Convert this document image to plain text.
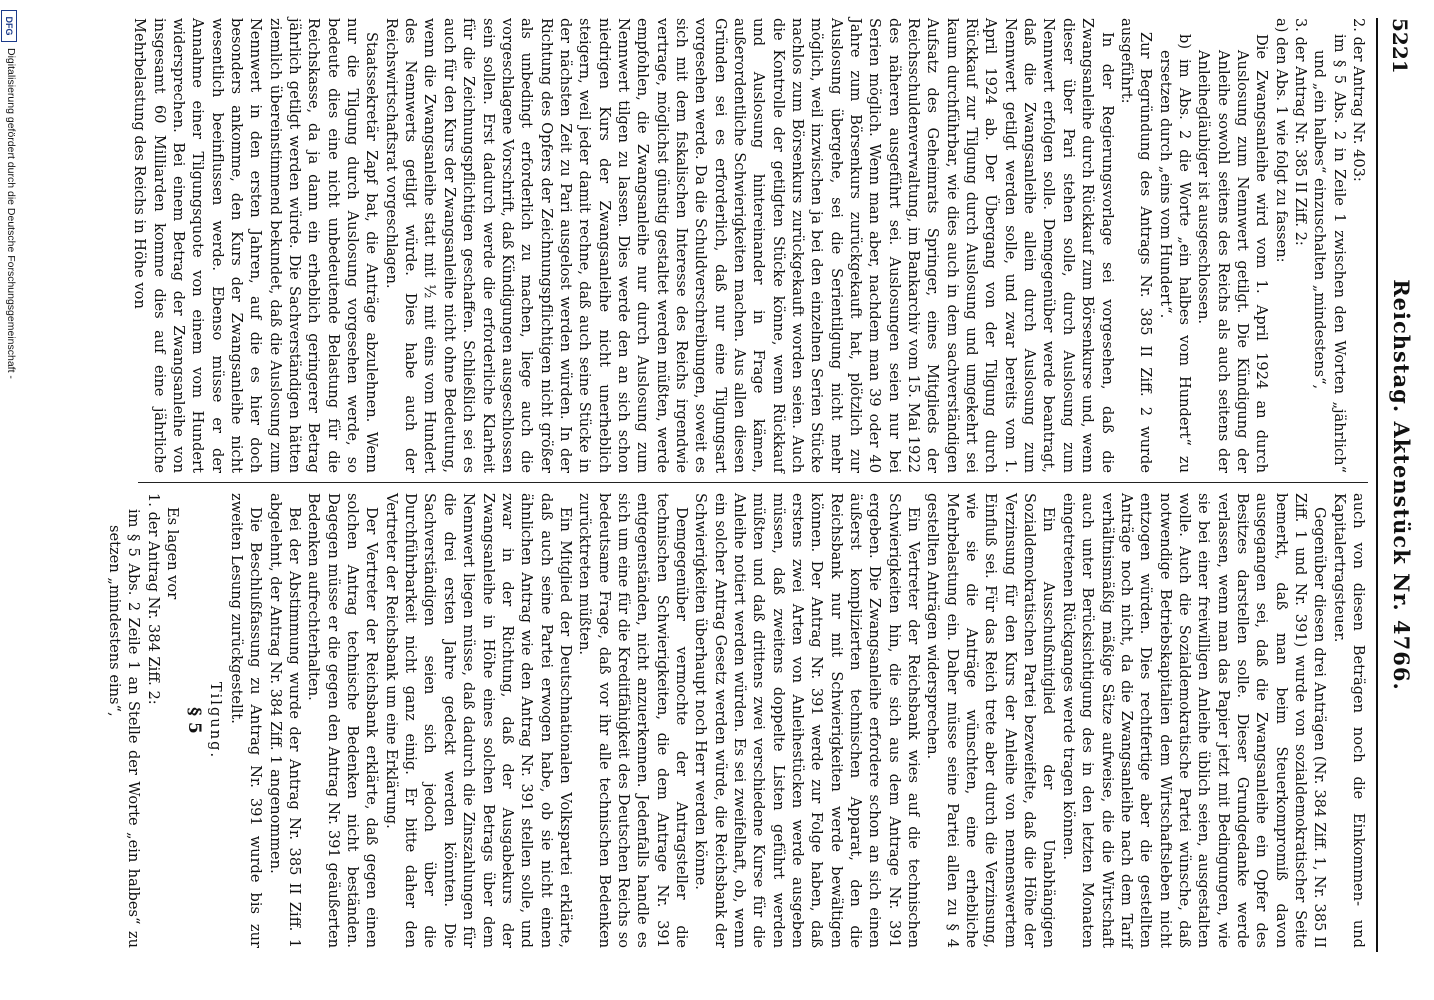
5221
Reichstag. Aktenstück Nr. 4766.

2. der Antrag Nr. 403:

im § 5 Abs. 2 in Zeile 1 zwischen den Worten „jährlich“ und „ein halbes“ einzuschalten „mindestens“,

3. der Antrag Nr. 385 II Ziff. 2:

a) den Abs. 1 wie folgt zu fassen:

Die Zwangsanleihe wird vom 1. April 1924 an durch Auslosung zum Nennwert getilgt. Die Kündigung der Anleihe sowohl seitens des Reichs als auch seitens der Anleihegläubiger ist ausgeschlossen.

b) im Abs. 2 die Worte „ein halbes vom Hundert“ zu ersetzen durch „eins vom Hundert“.

Zur Begründung des Antrags Nr. 385 II Ziff. 2 wurde ausgeführt:

In der Regierungsvorlage sei vorgesehen, daß die Zwangsanleihe durch Rückkauf zum Börsenkurse und, wenn dieser über Pari stehen solle, durch Auslosung zum Nennwert erfolgen solle. Demgegenüber werde beantragt, daß die Zwangsanleihe allein durch Auslosung zum Nennwert getilgt werden solle, und zwar bereits vom 1. April 1924 ab. Der Übergang von der Tilgung durch Rückkauf zur Tilgung durch Auslosung und umgekehrt sei kaum durchführbar, wie dies auch in dem sachverständigen Aufsatz des Geheimrats Springer, eines Mitglieds der Reichsschuldenverwaltung, im Bankarchiv vom 15. Mai 1922 des näheren ausgeführt sei. Auslosungen seien nur bei Serien möglich. Wenn man aber, nachdem man 39 oder 40 Jahre zum Börsenkurs zurückgekauft hat, plötzlich zur Auslosung übergehe, sei die Serientilgung nicht mehr möglich, weil inzwischen ja bei den einzelnen Serien Stücke nachlos zum Börsenkurs zurückgekauft worden seien. Auch die Kontrolle der getilgten Stücke könne, wenn Rückkauf und Auslosung hintereinander in Frage kämen, außerordentliche Schwierigkeiten machen. Aus allen diesen Gründen sei es erforderlich, daß nur eine Tilgungsart vorgesehen werde. Da die Schuldverschreibungen, soweit es sich mit dem fiskalischen Interesse des Reichs irgendwie vertrage, möglichst günstig gestaltet werden müßten, werde empfohlen, die Zwangsanleihe nur durch Auslosung zum Nennwert tilgen zu lassen. Dies werde den an sich schon niedrigen Kurs der Zwangsanleihe nicht unerheblich steigern, weil jeder damit rechne, daß auch seine Stücke in der nächsten Zeit zu Pari ausgelost werden würden. In der Richtung des Opfers der Zeichnungspflichtigen nicht größer als unbedingt erforderlich zu machen, liege auch die vorgeschlagene Vorschrift, daß Kündigungen ausgeschlossen sein sollen. Erst dadurch werde die erforderliche Klarheit für die Zeichnungspflichtigen geschaffen. Schließlich sei es auch für den Kurs der Zwangsanleihe nicht ohne Bedeutung, wenn die Zwangsanleihe statt mit ½ mit eins vom Hundert des Nennwerts getilgt würde. Dies habe auch der Reichswirtschaftsrat vorgeschlagen.

Staatssekretär Zapf bat, die Anträge abzulehnen. Wenn nur die Tilgung durch Auslosung vorgesehen werde, so bedeute dies eine nicht unbedeutende Belastung für die Reichskasse, da ja dann ein erheblich geringerer Betrag jährlich getilgt werden würde. Die Sachverständigen hätten ziemlich übereinstimmend bekundet, daß die Auslosung zum Nennwert in den ersten Jahren, auf die es hier doch besonders ankomme, den Kurs der Zwangsanleihe nicht wesentlich beeinflussen werde. Ebenso müsse er der Annahme einer Tilgungsquote von einem vom Hundert widersprechen. Bei einem Betrag der Zwangsanleihe von insgesamt 60 Milliarden komme dies auf eine jährliche Mehrbelastung des Reichs in Höhe von

auch von diesen Beträgen noch die Einkommen- und Kapitalertragsteuer.

Gegenüber diesen drei Anträgen (Nr. 384 Ziff. 1, Nr. 385 II Ziff. 1 und Nr. 391) wurde von sozialdemokratischer Seite bemerkt, daß man beim Steuerkompromiß davon ausgegangen sei, daß die Zwangsanleihe ein Opfer des Besitzes darstellen solle. Dieser Grundgedanke werde verlassen, wenn man das Papier jetzt mit Bedingungen, wie sie bei einer freiwilligen Anleihe üblich seien, ausgestalten wolle. Auch die Sozialdemokratische Partei wünsche, daß notwendige Betriebskapitalien dem Wirtschaftsleben nicht entzogen würden. Dies rechtfertige aber die gestellten Anträge noch nicht, da die Zwangsanleihe nach dem Tarif verhältnismäßig mäßige Sätze aufweise, die die Wirtschaft auch unter Berücksichtigung des in den letzten Monaten eingetretenen Rückganges werde tragen können.

Ein Ausschußmitglied der Unabhängigen Sozialdemokratischen Partei bezweifelte, daß die Höhe der Verzinsung für den Kurs der Anleihe von nennenswertem Einfluß sei. Für das Reich trete aber durch die Verzinsung, wie sie die Anträge wünschten, eine erhebliche Mehrbelastung ein. Daher müsse seine Partei allen zu § 4 gestellten Anträgen widersprechen.

Ein Vertreter der Reichsbank wies auf die technischen Schwierigkeiten hin, die sich aus dem Antrage Nr. 391 ergeben. Die Zwangsanleihe erfordere schon an sich einen äußerst komplizierten technischen Apparat, den die Reichsbank nur mit Schwierigkeiten werde bewältigen können. Der Antrag Nr. 391 werde zur Folge haben, daß erstens zwei Arten von Anleihestücken werde ausgeben müssen, daß zweitens doppelte Listen geführt werden müßten und daß drittens zwei verschiedene Kurse für die Anleihe notiert werden würden. Es sei zweifelhaft, ob, wenn ein solcher Antrag Gesetz werden würde, die Reichsbank der Schwierigkeiten überhaupt noch Herr werden könne.

Demgegenüber vermochte der Antragsteller die technischen Schwierigkeiten, die dem Antrage Nr. 391 entgegenständen, nicht anzuerkennen. Jedenfalls handle es sich um eine für die Kreditfähigkeit des Deutschen Reichs so bedeutsame Frage, daß vor ihr alle technischen Bedenken zurücktreten müßten.

Ein Mitglied der Deutschnationalen Volkspartei erklärte, daß auch seine Partei erwogen habe, ob sie nicht einen ähnlichen Antrag wie den Antrag Nr. 391 stellen solle, und zwar in der Richtung, daß der Ausgabekurs der Zwangsanleihe in Höhe eines solchen Betrags über dem Nennwert liegen müsse, daß dadurch die Zinszahlungen für die drei ersten Jahre gedeckt werden könnten. Die Sachverständigen seien sich jedoch über die Durchführbarkeit nicht ganz einig. Er bitte daher den Vertreter der Reichsbank um eine Erklärung.

Der Vertreter der Reichsbank erklärte, daß gegen einen solchen Antrag technische Bedenken nicht beständen. Dagegen müsse er die gegen den Antrag Nr. 391 geäußerten Bedenken aufrechterhalten.

Bei der Abstimmung wurde der Antrag Nr. 385 II Ziff. 1 abgelehnt, der Antrag Nr. 384 Ziff. 1 angenommen.

Die Beschlußfassung zu Antrag Nr. 391 wurde bis zur zweiten Lesung zurückgestellt.

Tilgung.

§ 5

Es lagen vor

1. der Antrag Nr. 384 Ziff. 2:

im § 5 Abs. 2 Zeile 1 an Stelle der Worte „ein halbes“ zu setzen „mindestens eins“,

DFG
Digitalisierung gefördert durch die Deutsche Forschungsgemeinschaft -
